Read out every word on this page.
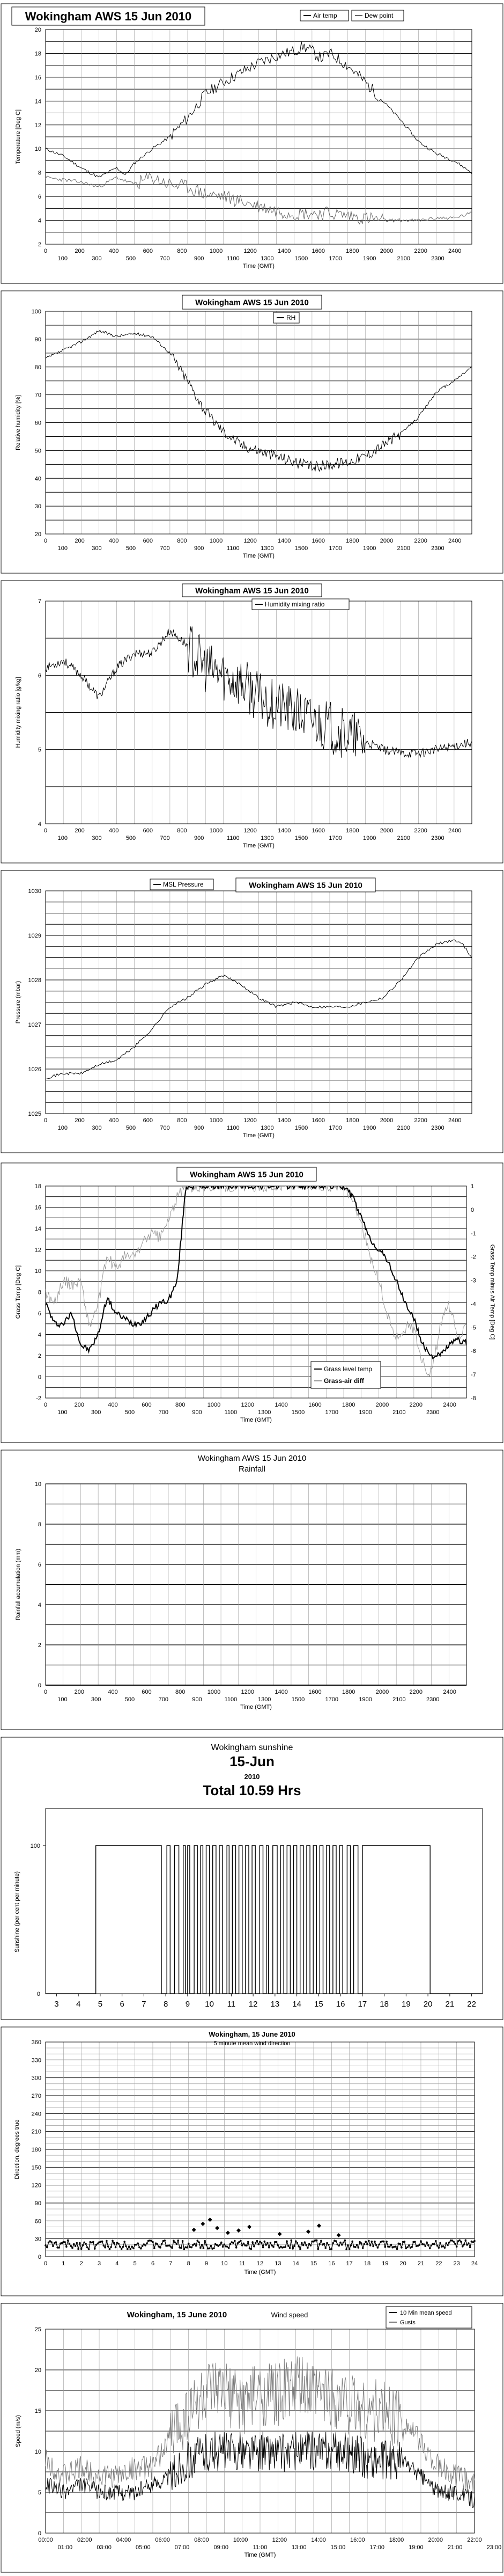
2
4
6
8
10
12
14
16
18
20
0	200	400	600	800	1000	1200	1400	1600	1800	2000	2200	2400
100	300	500	700	900	1100	1300	1500	1700	1900	2100	2300
Time (GMT)
Temperature [Deg C]
Wokingham AWS 15 Jun 2010	Air temp	Dew point
20
30
40
50
60
70
80
90
100
0	200	400	600	800	1000	1200	1400	1600	1800	2000	2200	2400
100	300	500	700	900	1100	1300	1500	1700	1900	2100	2300
Time (GMT)
Relative humidity [%]
Wokingham AWS 15 Jun 2010
RH
4
5
6
7
0	200	400	600	800	1000	1200	1400	1600	1800	2000	2200	2400
100	300	500	700	900	1100	1300	1500	1700	1900	2100	2300
Time (GMT)
Humidity mixing ratio [g/kg]
Wokingham AWS 15 Jun 2010
Humidity mixing ratio
1025
1026
1027
1028
1029
1030
0	200	400	600	800	1000	1200	1400	1600	1800	2000	2200	2400
100	300	500	700	900	1100	1300	1500	1700	1900	2100	2300
Time (GMT)
Pressure (mbar)
MSL Pressure	Wokingham AWS 15 Jun 2010
-2
0
2
4
6
8
10
12
14
16
18
0	200	400	600	800	1000	1200	1400	1600	1800	2000	2200	2400
100	300	500	700	900	1100	1300	1500	1700	1900	2100	2300
Time (GMT)
Grass Temp [Deg C]
-8
-7
-6
-5
-4
-3
-2
-1
0
1
Grass Temp minus Air Temp [Deg C]
Wokingham AWS 15 Jun 2010
Grass level temp
Grass-air diff
0
2
4
6
8
10
0	200	400	600	800	1000	1200	1400	1600	1800	2000	2200	2400
100	300	500	700	900	1100	1300	1500	1700	1900	2100	2300
Time (GMT)
Rainfall accumulation (mm)
Wokingham AWS 15 Jun 2010
Rainfall
100
0
3 4 5 6 7 8 9 10 11 12 13 14 15 16 17 18 19 20 21 22
Sunshine (per cent per minute)
Wokingham sunshine
15-Jun
2010
Total 10.59 Hrs
0
30
60
90
120
150
180
210
240
270
300
330
360
0 1 2 3 4 5 6 7 8 9 10 11 12 13 14 15 16 17 18 19 20 21 22 23 24
Time (GMT)
Direction, degrees true
Wokingham, 15 June 2010
5 minute mean wind direction
0
5
10
15
20
25
00:00	02:00	04:00	06:00	08:00	10:00	12:00	14:00	16:00	18:00	20:00	22:00
01:00	03:00	05:00	07:00	09:00	11:00	13:00	15:00	17:00	19:00	21:00	23:00
Time (GMT)
Speed (m/s)
Wokingham, 15 June 2010	Wind speed	10 Min mean speed
Gusts
